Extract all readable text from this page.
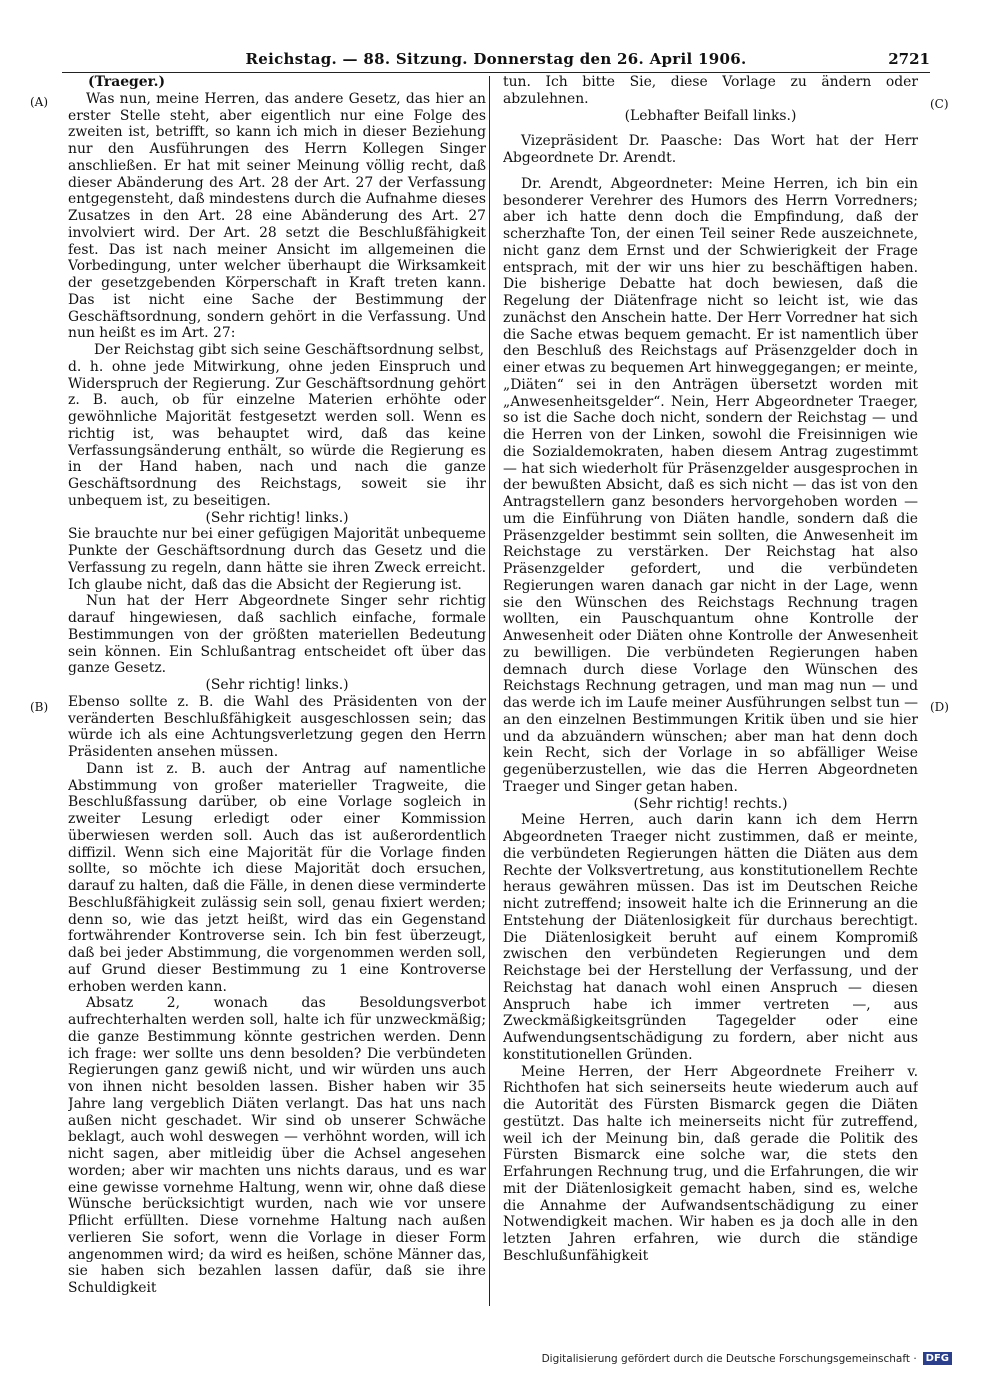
Reichstag. — 88. Sitzung. Donnerstag den 26. April 1906.	2721
(A)
(B)
(C)
(D)

(Traeger.)

Was nun, meine Herren, das andere Gesetz, das hier an erster Stelle steht, aber eigentlich nur eine Folge des zweiten ist, betrifft, so kann ich mich in dieser Beziehung nur den Ausführungen des Herrn Kollegen Singer anschließen. Er hat mit seiner Meinung völlig recht, daß dieser Abänderung des Art. 28 der Art. 27 der Verfassung entgegensteht, daß mindestens durch die Aufnahme dieses Zusatzes in den Art. 28 eine Abänderung des Art. 27 involviert wird. Der Art. 28 setzt die Beschlußfähigkeit fest. Das ist nach meiner Ansicht im allgemeinen die Vorbedingung, unter welcher überhaupt die Wirksamkeit der gesetzgebenden Körperschaft in Kraft treten kann. Das ist nicht eine Sache der Bestimmung der Geschäftsordnung, sondern gehört in die Verfassung. Und nun heißt es im Art. 27:

Der Reichstag gibt sich seine Geschäftsordnung selbst,

d. h. ohne jede Mitwirkung, ohne jeden Einspruch und Widerspruch der Regierung. Zur Geschäftsordnung gehört z. B. auch, ob für einzelne Materien erhöhte oder gewöhnliche Majorität festgesetzt werden soll. Wenn es richtig ist, was behauptet wird, daß das keine Verfassungsänderung enthält, so würde die Regierung es in der Hand haben, nach und nach die ganze Geschäftsordnung des Reichstags, soweit sie ihr unbequem ist, zu beseitigen.

(Sehr richtig! links.)

Sie brauchte nur bei einer gefügigen Majorität unbequeme Punkte der Geschäftsordnung durch das Gesetz und die Verfassung zu regeln, dann hätte sie ihren Zweck erreicht. Ich glaube nicht, daß das die Absicht der Regierung ist.

Nun hat der Herr Abgeordnete Singer sehr richtig darauf hingewiesen, daß sachlich einfache, formale Bestimmungen von der größten materiellen Bedeutung sein können. Ein Schlußantrag entscheidet oft über das ganze Gesetz.

(Sehr richtig! links.)

Ebenso sollte z. B. die Wahl des Präsidenten von der veränderten Beschlußfähigkeit ausgeschlossen sein; das würde ich als eine Achtungsverletzung gegen den Herrn Präsidenten ansehen müssen.

Dann ist z. B. auch der Antrag auf namentliche Abstimmung von großer materieller Tragweite, die Beschlußfassung darüber, ob eine Vorlage sogleich in zweiter Lesung erledigt oder einer Kommission überwiesen werden soll. Auch das ist außerordentlich diffizil. Wenn sich eine Majorität für die Vorlage finden sollte, so möchte ich diese Majorität doch ersuchen, darauf zu halten, daß die Fälle, in denen diese verminderte Beschlußfähigkeit zulässig sein soll, genau fixiert werden; denn so, wie das jetzt heißt, wird das ein Gegenstand fortwährender Kontroverse sein. Ich bin fest überzeugt, daß bei jeder Abstimmung, die vorgenommen werden soll, auf Grund dieser Bestimmung zu 1 eine Kontroverse erhoben werden kann.

Absatz 2, wonach das Besoldungsverbot aufrechterhalten werden soll, halte ich für unzweckmäßig; die ganze Bestimmung könnte gestrichen werden. Denn ich frage: wer sollte uns denn besolden? Die verbündeten Regierungen ganz gewiß nicht, und wir würden uns auch von ihnen nicht besolden lassen. Bisher haben wir 35 Jahre lang vergeblich Diäten verlangt. Das hat uns nach außen nicht geschadet. Wir sind ob unserer Schwäche beklagt, auch wohl deswegen — verhöhnt worden, will ich nicht sagen, aber mitleidig über die Achsel angesehen worden; aber wir machten uns nichts daraus, und es war eine gewisse vornehme Haltung, wenn wir, ohne daß diese Wünsche berücksichtigt wurden, nach wie vor unsere Pflicht erfüllten. Diese vornehme Haltung nach außen verlieren Sie sofort, wenn die Vorlage in dieser Form angenommen wird; da wird es heißen, schöne Männer das, sie haben sich bezahlen lassen dafür, daß sie ihre Schuldigkeit

tun. Ich bitte Sie, diese Vorlage zu ändern oder abzulehnen.

(Lebhafter Beifall links.)

Vizepräsident Dr. Paasche: Das Wort hat der Herr Abgeordnete Dr. Arendt.

Dr. Arendt, Abgeordneter: Meine Herren, ich bin ein besonderer Verehrer des Humors des Herrn Vorredners; aber ich hatte denn doch die Empfindung, daß der scherzhafte Ton, der einen Teil seiner Rede auszeichnete, nicht ganz dem Ernst und der Schwierigkeit der Frage entsprach, mit der wir uns hier zu beschäftigen haben. Die bisherige Debatte hat doch bewiesen, daß die Regelung der Diätenfrage nicht so leicht ist, wie das zunächst den Anschein hatte. Der Herr Vorredner hat sich die Sache etwas bequem gemacht. Er ist namentlich über den Beschluß des Reichstags auf Präsenzgelder doch in einer etwas zu bequemen Art hinweggegangen; er meinte, „Diäten“ sei in den Anträgen übersetzt worden mit „Anwesenheitsgelder“. Nein, Herr Abgeordneter Traeger, so ist die Sache doch nicht, sondern der Reichstag — und die Herren von der Linken, sowohl die Freisinnigen wie die Sozialdemokraten, haben diesem Antrag zugestimmt — hat sich wiederholt für Präsenzgelder ausgesprochen in der bewußten Absicht, daß es sich nicht — das ist von den Antragstellern ganz besonders hervorgehoben worden — um die Einführung von Diäten handle, sondern daß die Präsenzgelder bestimmt sein sollten, die Anwesenheit im Reichstage zu verstärken. Der Reichstag hat also Präsenzgelder gefordert, und die verbündeten Regierungen waren danach gar nicht in der Lage, wenn sie den Wünschen des Reichstags Rechnung tragen wollten, ein Pauschquantum ohne Kontrolle der Anwesenheit oder Diäten ohne Kontrolle der Anwesenheit zu bewilligen. Die verbündeten Regierungen haben demnach durch diese Vorlage den Wünschen des Reichstags Rechnung getragen, und man mag nun — und das werde ich im Laufe meiner Ausführungen selbst tun — an den einzelnen Bestimmungen Kritik üben und sie hier und da abzuändern wünschen; aber man hat denn doch kein Recht, sich der Vorlage in so abfälliger Weise gegenüberzustellen, wie das die Herren Abgeordneten Traeger und Singer getan haben.

(Sehr richtig! rechts.)

Meine Herren, auch darin kann ich dem Herrn Abgeordneten Traeger nicht zustimmen, daß er meinte, die verbündeten Regierungen hätten die Diäten aus dem Rechte der Volksvertretung, aus konstitutionellem Rechte heraus gewähren müssen. Das ist im Deutschen Reiche nicht zutreffend; insoweit halte ich die Erinnerung an die Entstehung der Diätenlosigkeit für durchaus berechtigt. Die Diätenlosigkeit beruht auf einem Kompromiß zwischen den verbündeten Regierungen und dem Reichstage bei der Herstellung der Verfassung, und der Reichstag hat danach wohl einen Anspruch — diesen Anspruch habe ich immer vertreten —, aus Zweckmäßigkeitsgründen Tagegelder oder eine Aufwendungsentschädigung zu fordern, aber nicht aus konstitutionellen Gründen.

Meine Herren, der Herr Abgeordnete Freiherr v. Richthofen hat sich seinerseits heute wiederum auch auf die Autorität des Fürsten Bismarck gegen die Diäten gestützt. Das halte ich meinerseits nicht für zutreffend, weil ich der Meinung bin, daß gerade die Politik des Fürsten Bismarck eine solche war, die stets den Erfahrungen Rechnung trug, und die Erfahrungen, die wir mit der Diätenlosigkeit gemacht haben, sind es, welche die Annahme der Aufwandsentschädigung zu einer Notwendigkeit machen. Wir haben es ja doch alle in den letzten Jahren erfahren, wie durch die ständige Beschlußunfähigkeit

Digitalisierung gefördert durch die Deutsche Forschungsgemeinschaft · DFG
